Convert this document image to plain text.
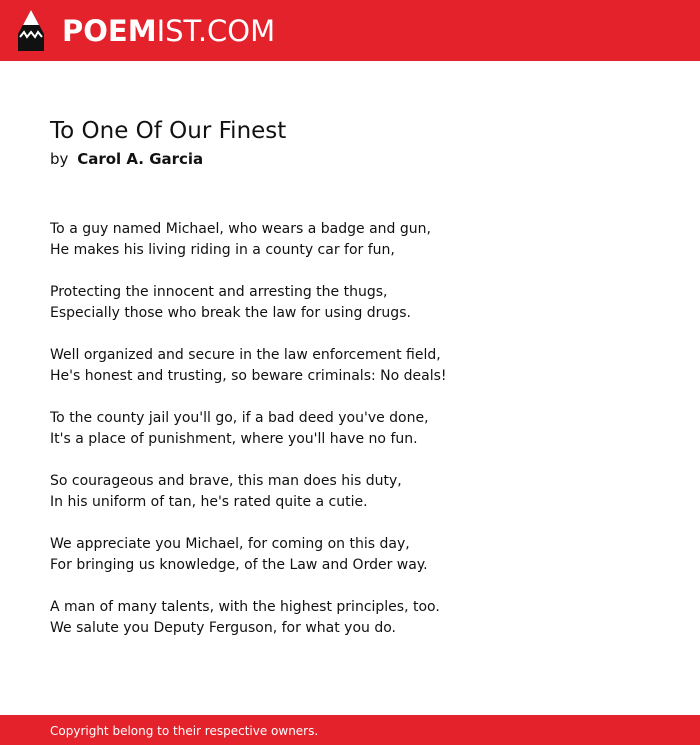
POEMIST.COM
To One Of Our Finest
by Carol A. Garcia
To a guy named Michael, who wears a badge and gun,
He makes his living riding in a county car for fun,
Protecting the innocent and arresting the thugs,
Especially those who break the law for using drugs.
Well organized and secure in the law enforcement field,
He's honest and trusting, so beware criminals: No deals!
To the county jail you'll go, if a bad deed you've done,
It's a place of punishment, where you'll have no fun.
So courageous and brave, this man does his duty,
In his uniform of tan, he's rated quite a cutie.
We appreciate you Michael, for coming on this day,
For bringing us knowledge, of the Law and Order way.
A man of many talents, with the highest principles, too.
We salute you Deputy Ferguson, for what you do.
Copyright belong to their respective owners.
